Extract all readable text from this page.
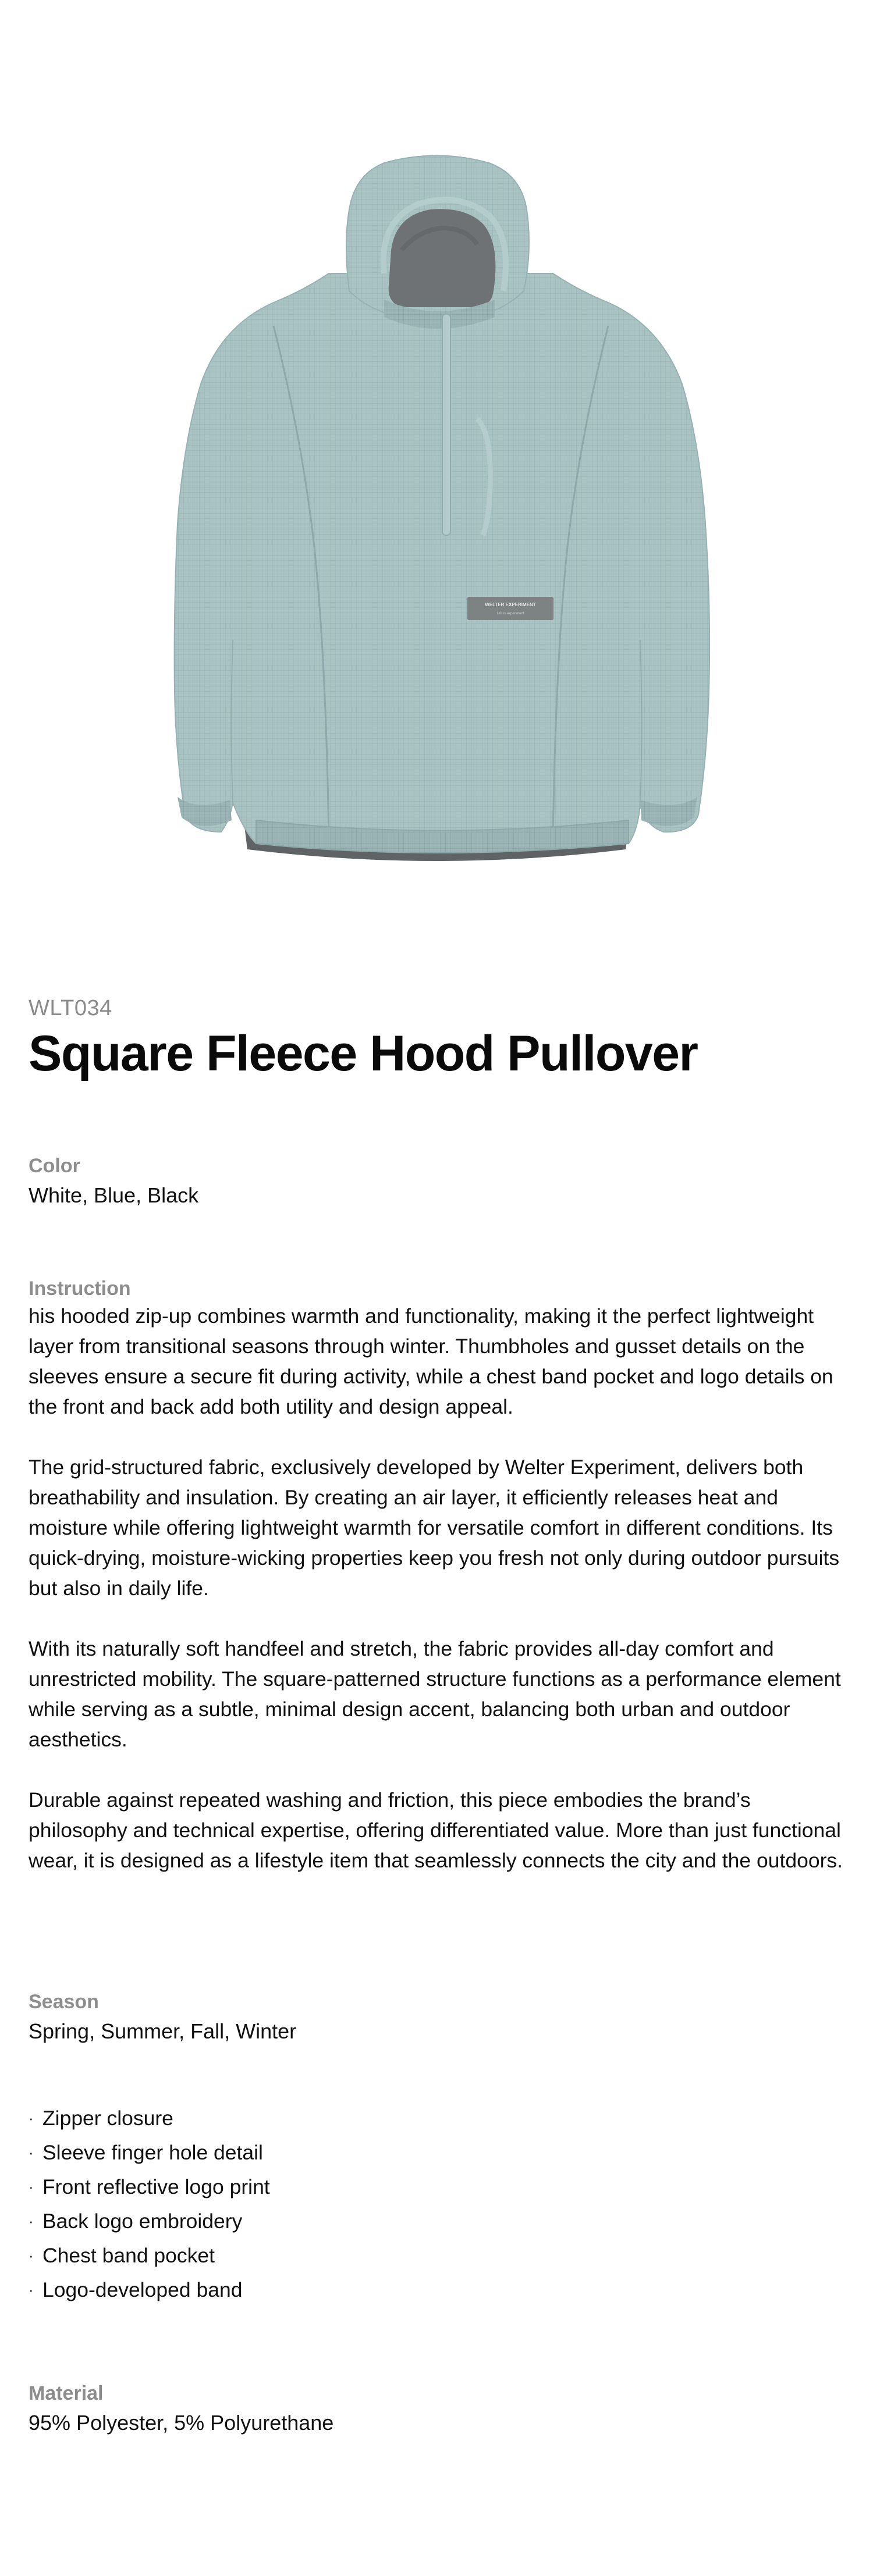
WELTER EXPERIMENT
Life is experiment
WLT034
Square Fleece Hood Pullover
Color
White, Blue, Black
Instruction

his hooded zip-up combines warmth and functionality, making it the perfect lightweight layer from transitional seasons through winter. Thumbholes and gusset details on the sleeves ensure a secure fit during activity, while a chest band pocket and logo details on the front and back add both utility and design appeal.

The grid-structured fabric, exclusively developed by Welter Experiment, delivers both breathability and insulation. By creating an air layer, it efficiently releases heat and moisture while offering lightweight warmth for versatile comfort in different conditions. Its quick-drying, moisture-wicking properties keep you fresh not only during outdoor pursuits but also in daily life.

With its naturally soft handfeel and stretch, the fabric provides all-day comfort and unrestricted mobility. The square-patterned structure functions as a performance element while serving as a subtle, minimal design accent, balancing both urban and outdoor aesthetics.

Durable against repeated washing and friction, this piece embodies the brand’s philosophy and technical expertise, offering differentiated value. More than just functional wear, it is designed as a lifestyle item that seamlessly connects the city and the outdoors.

Season
Spring, Summer, Fall, Winter
· Zipper closure
· Sleeve finger hole detail
· Front reflective logo print
· Back logo embroidery
· Chest band pocket
· Logo-developed band
Material
95% Polyester, 5% Polyurethane
